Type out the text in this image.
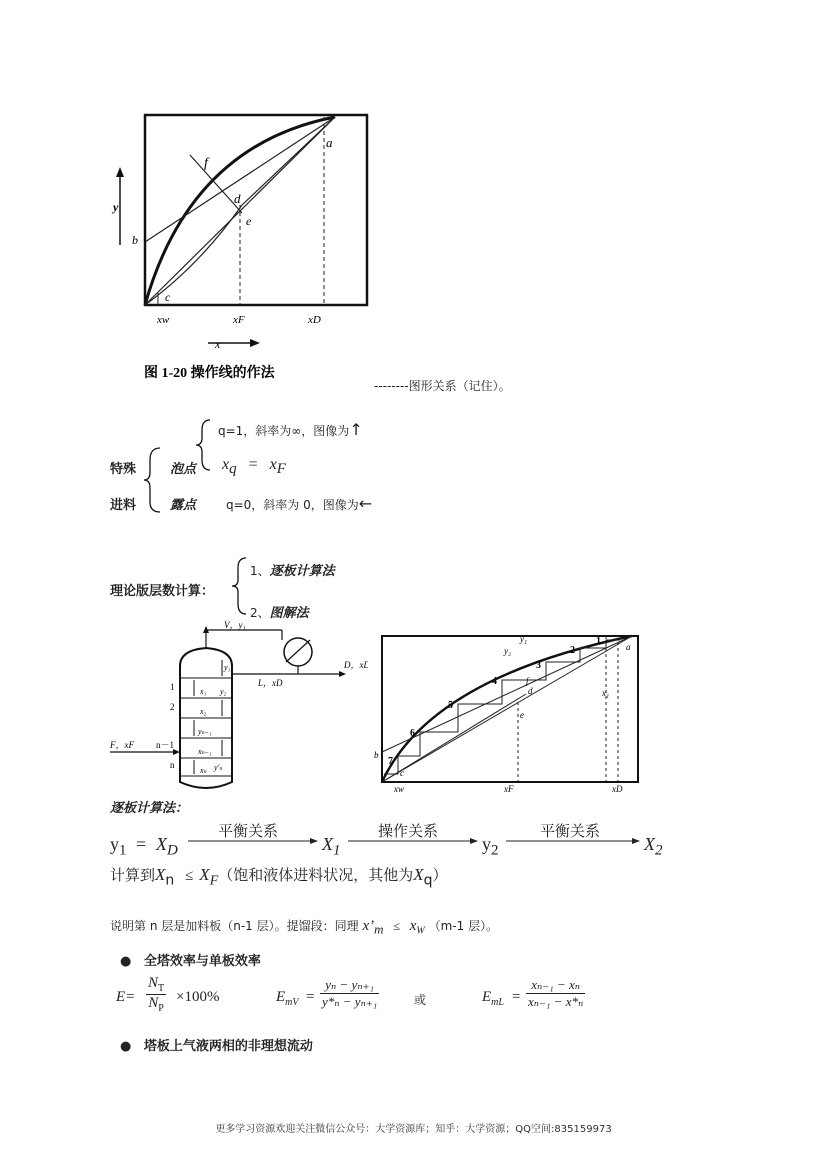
y
f
a
b
c
d
e
xw	xF	xD
x
图 1-20 操作线的作法
--------图形关系（记住）。
特殊
进料
泡点
q=1，斜率为∞，图像为↑
$x_q = x_F$
露点 q=0，斜率为 0，图像为←
理论版层数计算：
1、逐板计算法
2、图解法
V，y₁
L，xD
D，xD
F，xF
y₁
x₁ y₂
x₂
yₙ₋₁
xₙ₋₁
xₙ y′ₙ
1
2
n－1
n
1
2
3
4
5
6
7
y₁
y₂
x₁
a
b
c
d
e
f
xw	xF	xD
逐板计算法：
$y_1 = X_D$
平衡关系
$X_1$
操作关系
$y_2$
平衡关系
$X_2$
计算到$X_n \le X_F$（饱和液体进料状况，其他为$X_q$）
说明第 n 层是加料板（n-1 层）。提馏段：同理 $x’_m \le x_W$ （m-1 层）。
● 全塔效率与单板效率
$E= \frac{N_T}{N_P} \times 100\%$	$E_{mV} = \frac{\text{yₙ − yₙ₊₁}}{\text{y*ₙ − yₙ₊₁}}$	或	$E_{mL} = \frac{\text{xₙ₋₁ − xₙ}}{\text{xₙ₋₁ − x*ₙ}}$
● 塔板上气液两相的非理想流动
更多学习资源欢迎关注微信公众号：大学资源库；知乎：大学资源；QQ空间:835159973
